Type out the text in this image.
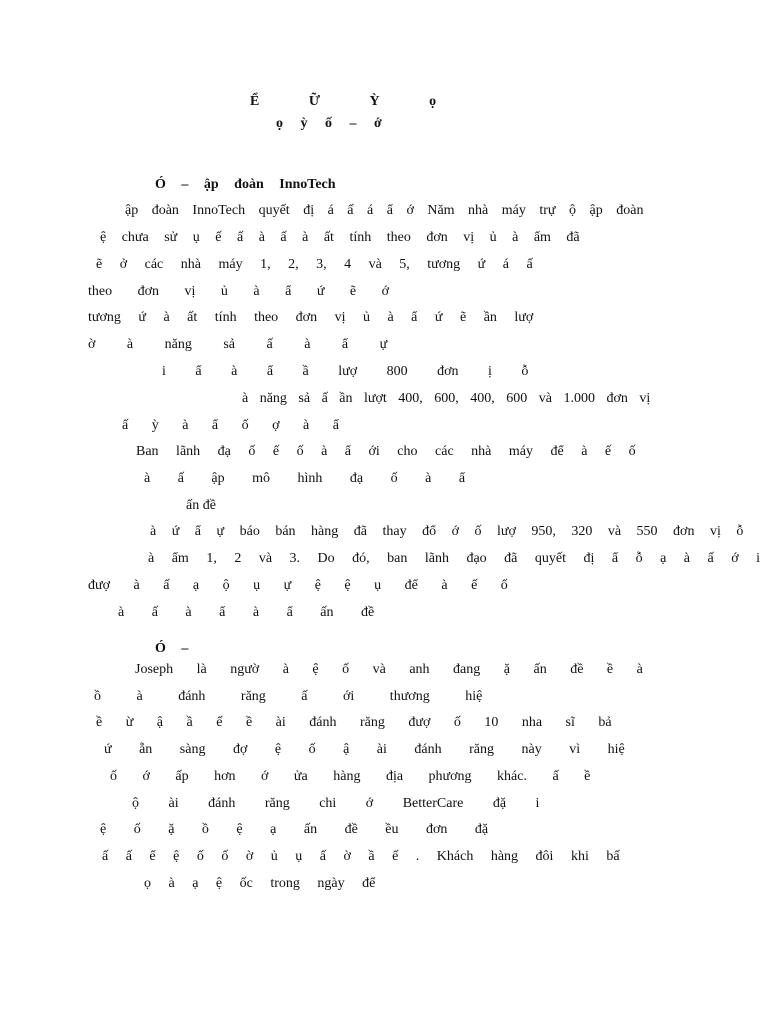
Ể Ữ Ỳ ọ
ọ ỳ ố – ớ
Ó – ập đoàn InnoTech
ập đoàn InnoTech quyết đị á ấ á ẩ ớ Năm nhà máy trự ộ ập đoàn
ệ chưa sử ụ ế ấ à ấ à ất tính theo đơn vị ủ à ẩm đã
ẽ ở các nhà máy 1, 2, 3, 4 và 5, tương ứ á ấ
theo đơn vị ủ à ẩ ứ ẽ ớ
tương ứ à ất tính theo đơn vị ủ à ẩ ứ ẽ ần lượ
ờ à năng sả ấ à ẩ ự
i ẩ à ẩ ầ lượ 800 đơn ị ỗ
à năng sả ấ ần lượt 400, 600, 400, 600 và 1.000 đơn vị
ấ ỳ à ẩ ố ợ à ẩ
Ban lãnh đạ ố ế ố à ẩ ới cho các nhà máy để à ế ố
à ấ ập mô hình đạ ố à ẩ
ấn đề
à ứ ẩ ự báo bán hàng đã thay đổ ớ ố lượ 950, 320 và 550 đơn vị ỗ
à ẩm 1, 2 và 3. Do đó, ban lãnh đạo đã quyết đị ẩ ỗ ạ à ấ ớ i
đượ à ấ ạ ộ ụ ự ệ ệ ụ để à ế ố
à ấ à ẩ à ẩ ấn đề
Ó –
Joseph là ngườ à ệ ố và anh đang ặ ấn đề ề à
ồ à đánh răng ấ ới thương hiệ
ề ừ ậ ầ ế ề ài đánh răng đượ ố 10 nha sĩ bả
ứ ẵn sàng đợ ệ ố ậ ài đánh răng này vì hiệ
ố ớ ấp hơn ớ ửa hàng địa phương khác. ấ ề
ộ ài đánh răng chi ớ BetterCare đặ i
ệ ố ặ ồ ệ ạ ấn đề ều đơn đặ
ấ ấ ể ệ ố ố ờ ủ ụ ấ ờ ầ ế . Khách hàng đôi khi bấ
ọ à ạ ệ ốc trong ngày để
